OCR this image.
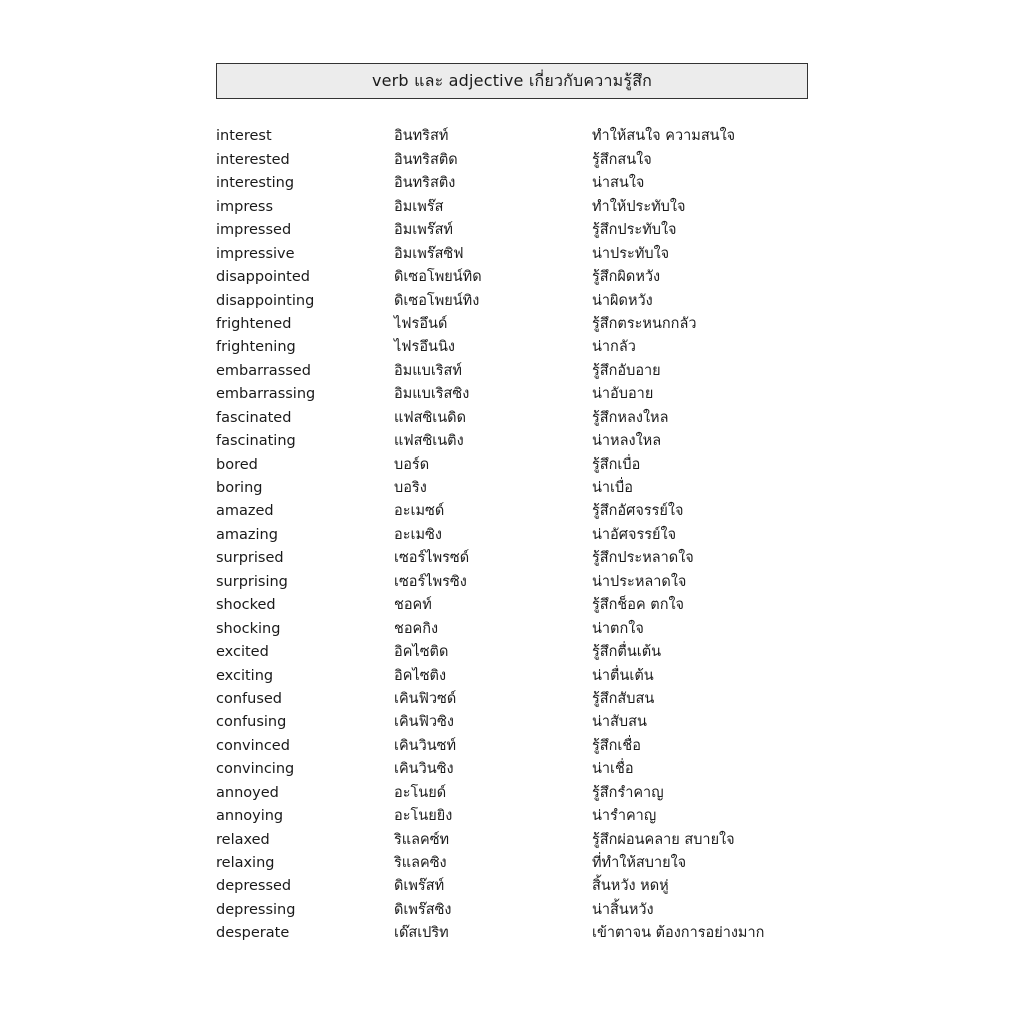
verb และ adjective เกี่ยวกับความรู้สึก
interest	อินทริสท์	ทำให้สนใจ ความสนใจ
interested	อินทริสติด	รู้สึกสนใจ
interesting	อินทริสติง	น่าสนใจ
impress	อิมเพร๊ส	ทำให้ประทับใจ
impressed	อิมเพร๊สท์	รู้สึกประทับใจ
impressive	อิมเพร๊สซิฟ	น่าประทับใจ
disappointed	ดิเซอโพยน์ทิด	รู้สึกผิดหวัง
disappointing	ดิเซอโพยน์ทิง	น่าผิดหวัง
frightened	ไฟรอึนด์	รู้สึกตระหนกกลัว
frightening	ไฟรอึนนิง	น่ากลัว
embarrassed	อิมแบเริสท์	รู้สึกอับอาย
embarrassing	อิมแบเริสซิง	น่าอับอาย
fascinated	แฟสซิเนดิด	รู้สึกหลงใหล
fascinating	แฟสซิเนติง	น่าหลงใหล
bored	บอร์ด	รู้สึกเบื่อ
boring	บอริง	น่าเบื่อ
amazed	อะเมซด์	รู้สึกอัศจรรย์ใจ
amazing	อะเมซิง	น่าอัศจรรย์ใจ
surprised	เซอร์ไพรซด์	รู้สึกประหลาดใจ
surprising	เซอร์ไพรซิง	น่าประหลาดใจ
shocked	ชอคท์	รู้สึกช็อค ตกใจ
shocking	ชอคกิง	น่าตกใจ
excited	อิคไซติด	รู้สึกตื่นเต้น
exciting	อิคไซติง	น่าตื่นเต้น
confused	เคินฟิวซด์	รู้สึกสับสน
confusing	เคินฟิวซิง	น่าสับสน
convinced	เคินวินซท์	รู้สึกเชื่อ
convincing	เคินวินซิง	น่าเชื่อ
annoyed	อะโนยด์	รู้สึกรำคาญ
annoying	อะโนยยิง	น่ารำคาญ
relaxed	ริแลคซ์ท	รู้สึกผ่อนคลาย สบายใจ
relaxing	ริแลคซิง	ที่ทำให้สบายใจ
depressed	ดิเพร๊สท์	สิ้นหวัง หดหู่
depressing	ดิเพร๊สซิง	น่าสิ้นหวัง
desperate	เด๊สเปริท	เข้าตาจน ต้องการอย่างมาก
